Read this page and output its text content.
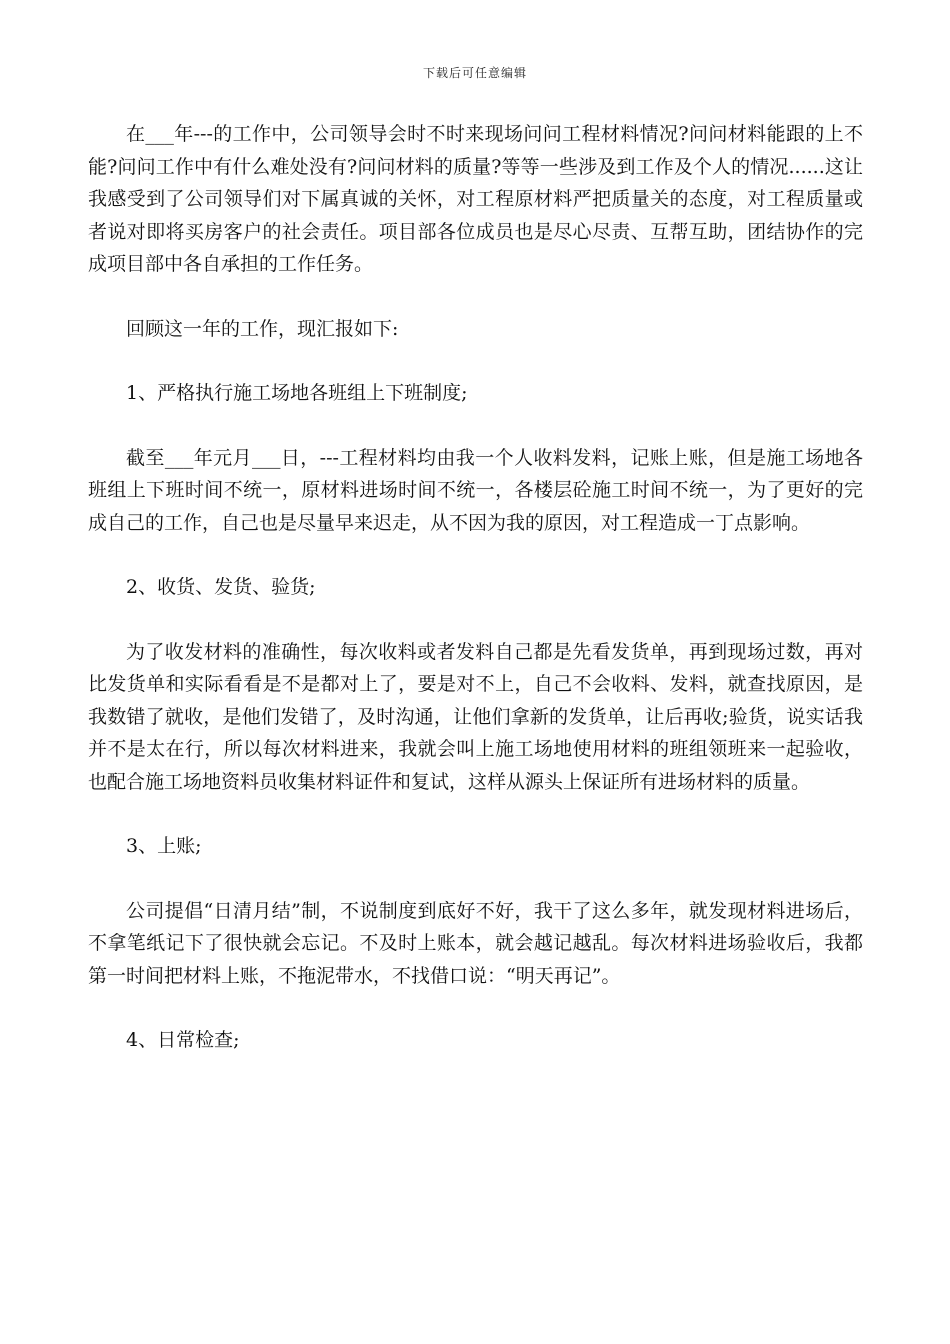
下载后可任意编辑

在___年---的工作中，公司领导会时不时来现场问问工程材料情况?问问材料能跟的上不能?问问工作中有什么难处没有?问问材料的质量?等等一些涉及到工作及个人的情况......这让我感受到了公司领导们对下属真诚的关怀，对工程原材料严把质量关的态度，对工程质量或者说对即将买房客户的社会责任。项目部各位成员也是尽心尽责、互帮互助，团结协作的完成项目部中各自承担的工作任务。

回顾这一年的工作，现汇报如下:

1、严格执行施工场地各班组上下班制度;

截至___年元月___日，---工程材料均由我一个人收料发料，记账上账，但是施工场地各班组上下班时间不统一，原材料进场时间不统一，各楼层砼施工时间不统一，为了更好的完成自己的工作，自己也是尽量早来迟走，从不因为我的原因，对工程造成一丁点影响。

2、收货、发货、验货;

为了收发材料的准确性，每次收料或者发料自己都是先看发货单，再到现场过数，再对比发货单和实际看看是不是都对上了，要是对不上，自己不会收料、发料，就查找原因，是我数错了就收，是他们发错了，及时沟通，让他们拿新的发货单，让后再收;验货，说实话我并不是太在行，所以每次材料进来，我就会叫上施工场地使用材料的班组领班来一起验收，也配合施工场地资料员收集材料证件和复试，这样从源头上保证所有进场材料的质量。

3、上账;

公司提倡“日清月结”制，不说制度到底好不好，我干了这么多年，就发现材料进场后，不拿笔纸记下了很快就会忘记。不及时上账本，就会越记越乱。每次材料进场验收后，我都第一时间把材料上账，不拖泥带水，不找借口说：“明天再记”。

4、日常检查;
